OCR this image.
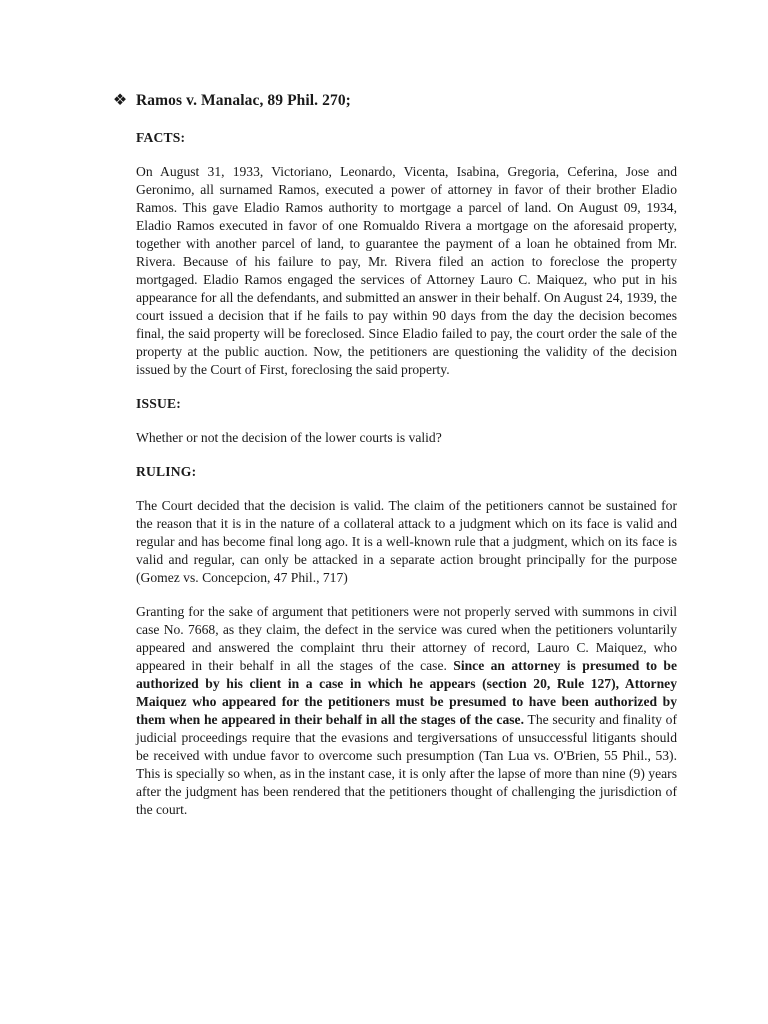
❖ Ramos v. Manalac, 89 Phil. 270;

FACTS:

On August 31, 1933, Victoriano, Leonardo, Vicenta, Isabina, Gregoria, Ceferina, Jose and Geronimo, all surnamed Ramos, executed a power of attorney in favor of their brother Eladio Ramos. This gave Eladio Ramos authority to mortgage a parcel of land. On August 09, 1934, Eladio Ramos executed in favor of one Romualdo Rivera a mortgage on the aforesaid property, together with another parcel of land, to guarantee the payment of a loan he obtained from Mr. Rivera. Because of his failure to pay, Mr. Rivera filed an action to foreclose the property mortgaged. Eladio Ramos engaged the services of Attorney Lauro C. Maiquez, who put in his appearance for all the defendants, and submitted an answer in their behalf. On August 24, 1939, the court issued a decision that if he fails to pay within 90 days from the day the decision becomes final, the said property will be foreclosed. Since Eladio failed to pay, the court order the sale of the property at the public auction. Now, the petitioners are questioning the validity of the decision issued by the Court of First, foreclosing the said property.

ISSUE:

Whether or not the decision of the lower courts is valid?

RULING:

The Court decided that the decision is valid. The claim of the petitioners cannot be sustained for the reason that it is in the nature of a collateral attack to a judgment which on its face is valid and regular and has become final long ago. It is a well-known rule that a judgment, which on its face is valid and regular, can only be attacked in a separate action brought principally for the purpose (Gomez vs. Concepcion, 47 Phil., 717)

Granting for the sake of argument that petitioners were not properly served with summons in civil case No. 7668, as they claim, the defect in the service was cured when the petitioners voluntarily appeared and answered the complaint thru their attorney of record, Lauro C. Maiquez, who appeared in their behalf in all the stages of the case. Since an attorney is presumed to be authorized by his client in a case in which he appears (section 20, Rule 127), Attorney Maiquez who appeared for the petitioners must be presumed to have been authorized by them when he appeared in their behalf in all the stages of the case. The security and finality of judicial proceedings require that the evasions and tergiversations of unsuccessful litigants should be received with undue favor to overcome such presumption (Tan Lua vs. O'Brien, 55 Phil., 53). This is specially so when, as in the instant case, it is only after the lapse of more than nine (9) years after the judgment has been rendered that the petitioners thought of challenging the jurisdiction of the court.
